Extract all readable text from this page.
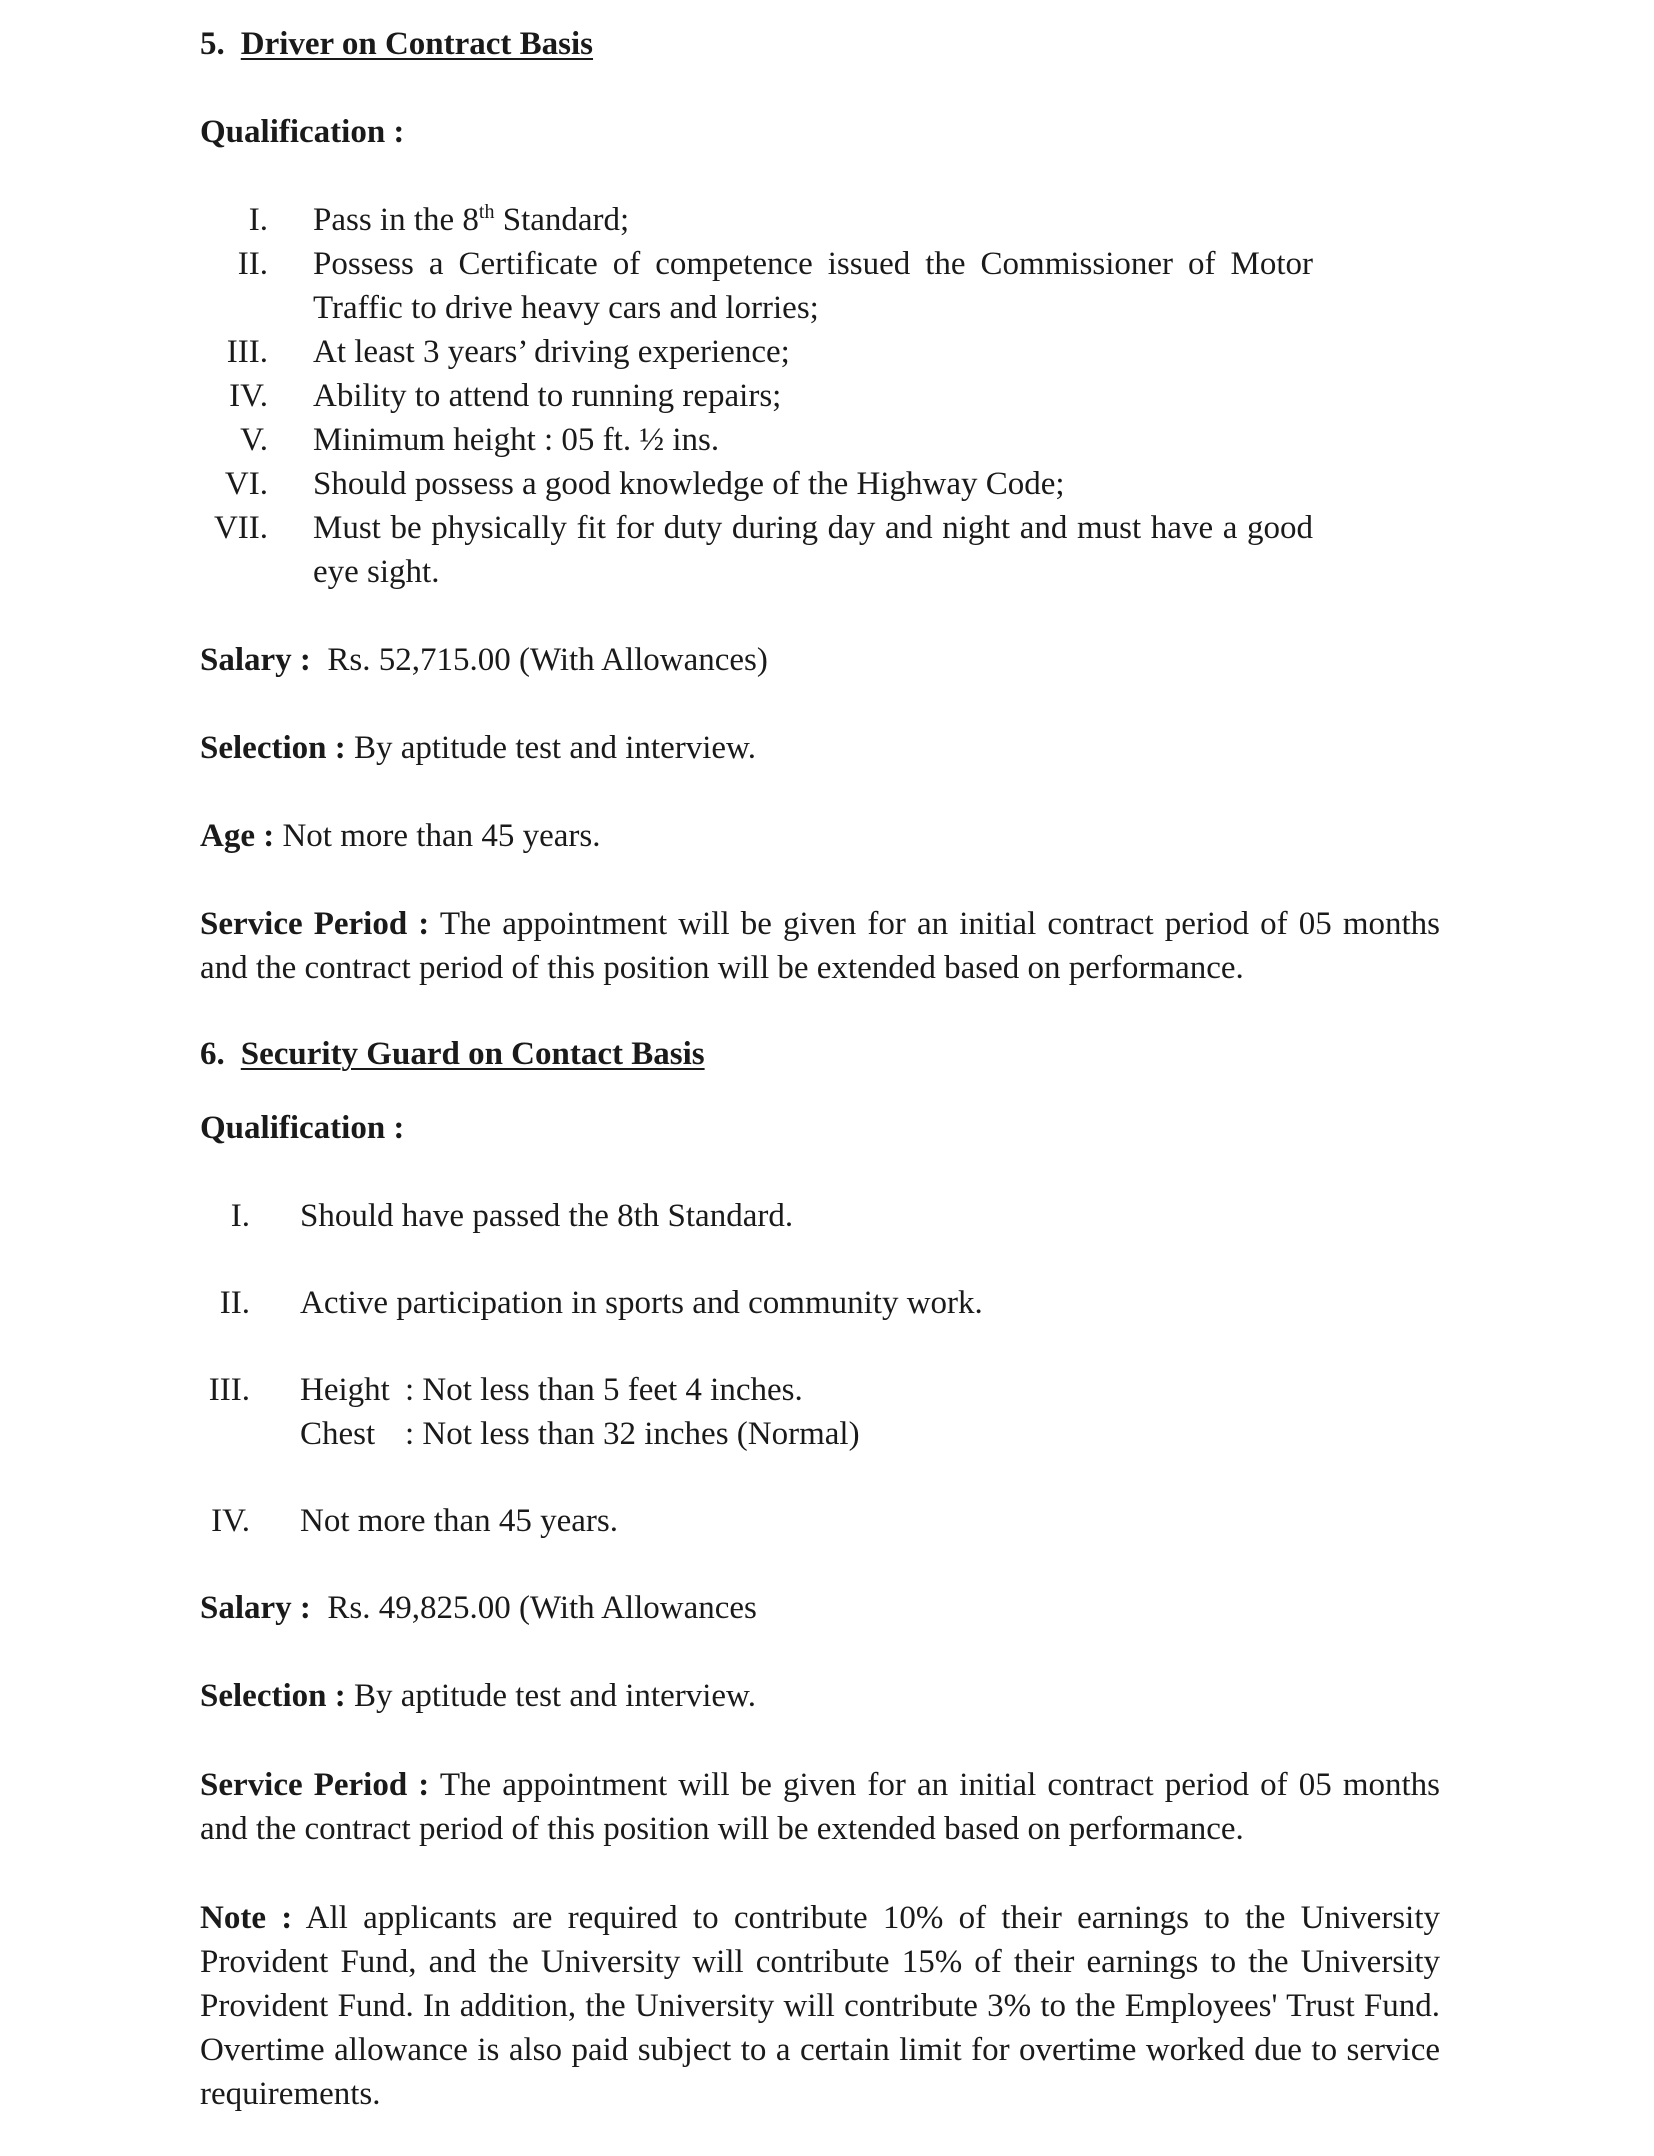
5. Driver on Contract Basis

Qualification :

I. Pass in the 8th Standard;
II. Possess a Certificate of competence issued the Commissioner of Motor Traffic to drive heavy cars and lorries;
III. At least 3 years’ driving experience;
IV. Ability to attend to running repairs;
V. Minimum height : 05 ft. ½ ins.
VI. Should possess a good knowledge of the Highway Code;
VII. Must be physically fit for duty during day and night and must have a good eye sight.

Salary : Rs. 52,715.00 (With Allowances)

Selection : By aptitude test and interview.

Age : Not more than 45 years.

Service Period : The appointment will be given for an initial contract period of 05 months and the contract period of this position will be extended based on performance.

6. Security Guard on Contact Basis

Qualification :

I. Should have passed the 8th Standard.
II. Active participation in sports and community work.
III. Height : Not less than 5 feet 4 inches.
Chest : Not less than 32 inches (Normal)
IV. Not more than 45 years.

Salary : Rs. 49,825.00 (With Allowances

Selection : By aptitude test and interview.

Service Period : The appointment will be given for an initial contract period of 05 months and the contract period of this position will be extended based on performance.

Note : All applicants are required to contribute 10% of their earnings to the University Provident Fund, and the University will contribute 15% of their earnings to the University Provident Fund. In addition, the University will contribute 3% to the Employees' Trust Fund. Overtime allowance is also paid subject to a certain limit for overtime worked due to service requirements.
